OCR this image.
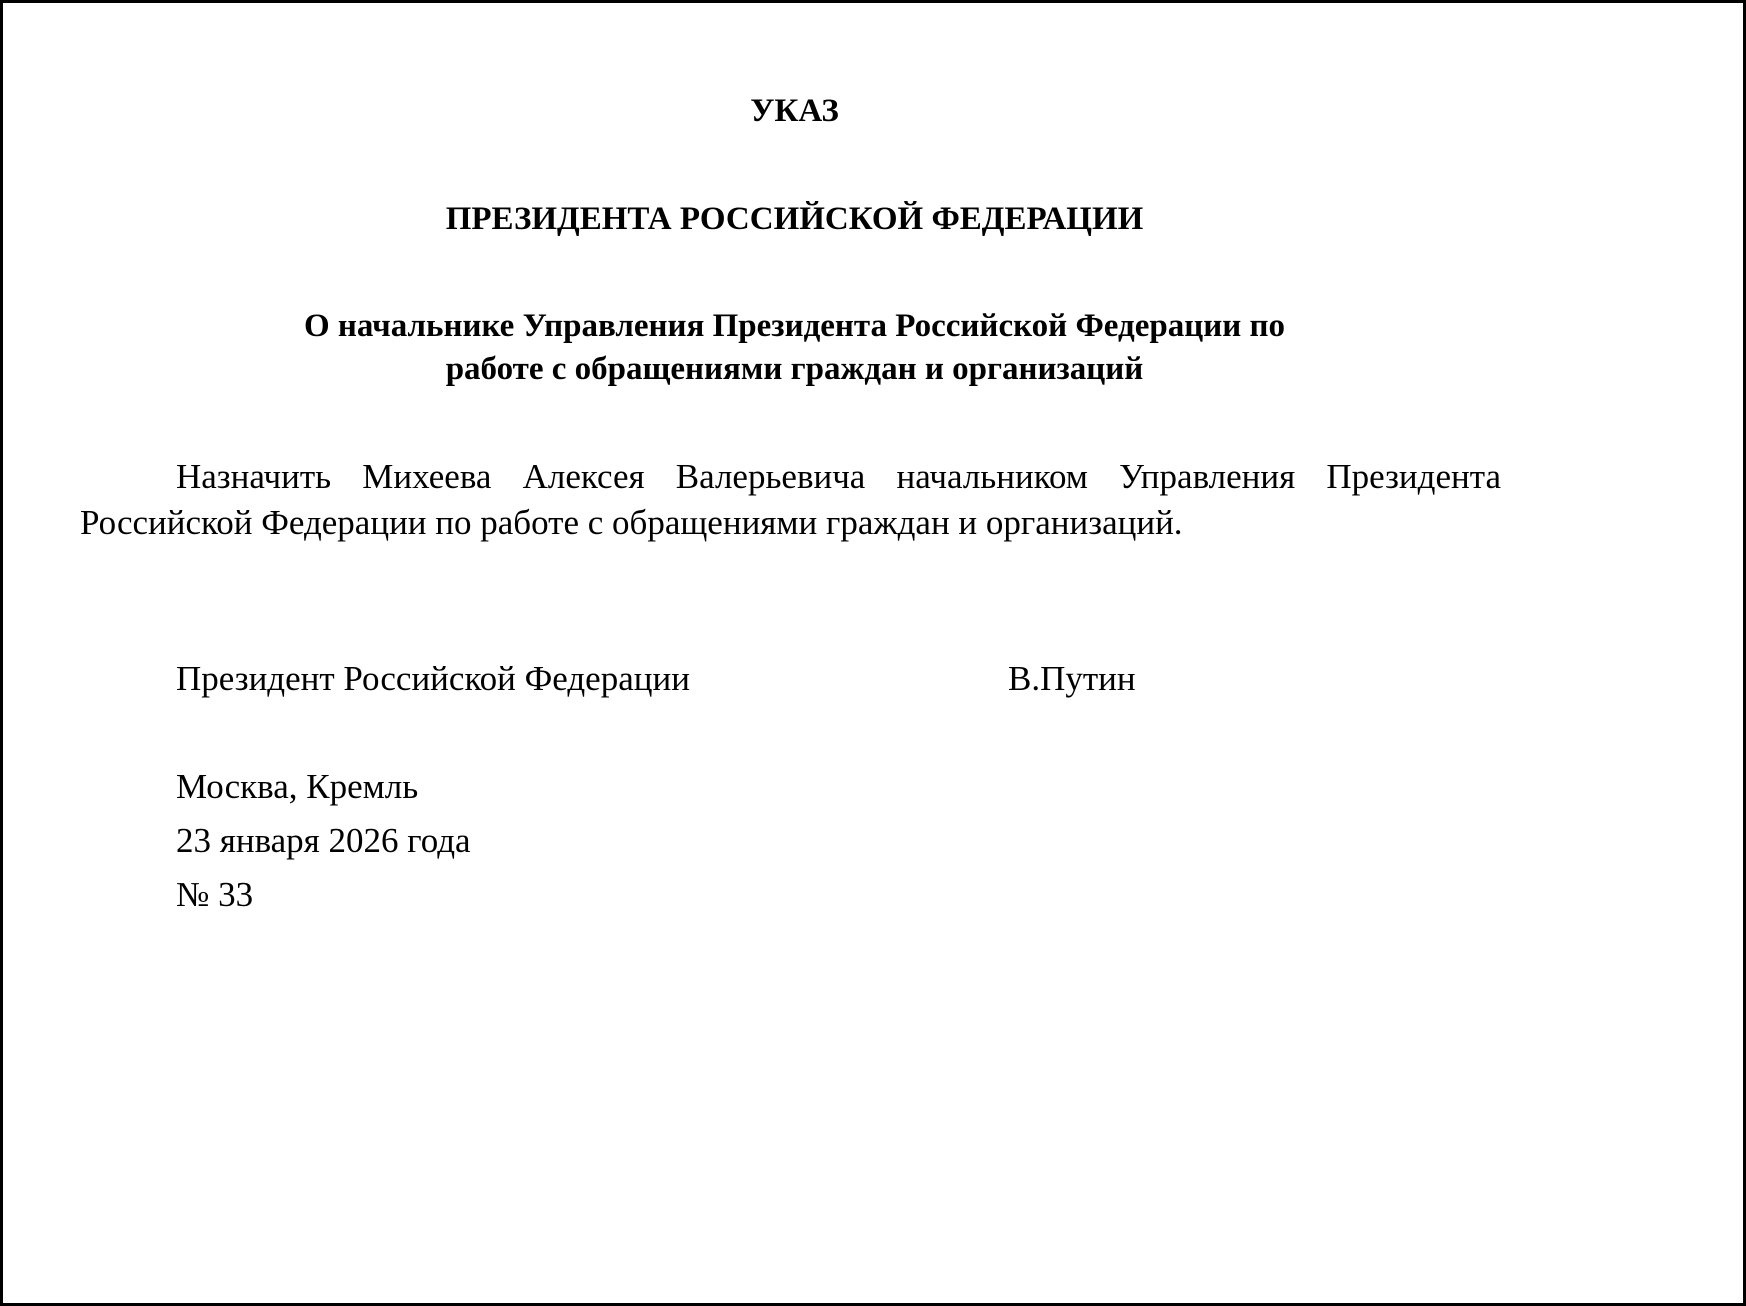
УКАЗ
ПРЕЗИДЕНТА РОССИЙСКОЙ ФЕДЕРАЦИИ
О начальнике Управления Президента Российской Федерации по
работе с обращениями граждан и организаций
Назначить Михеева Алексея Валерьевича начальником Управления Президента
Российской Федерации по работе с обращениями граждан и организаций.
Президент Российской Федерации	В.Путин
Москва, Кремль
23 января 2026 года
№ 33
